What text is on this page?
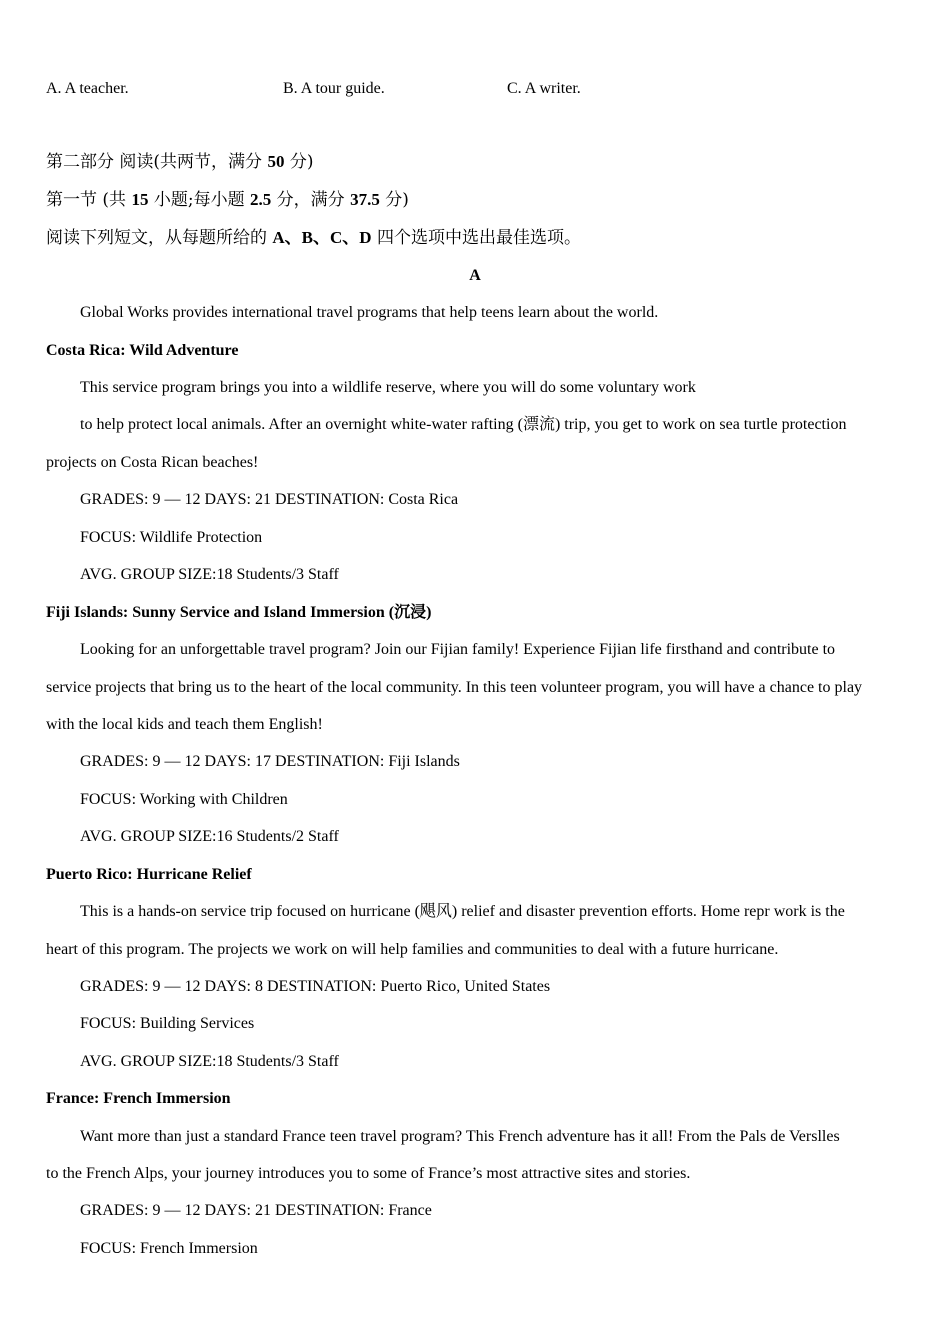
A. A teacher.	B. A tour guide.	C. A writer.
第二部分 阅读(共两节，满分 50 分)
第一节 (共 15 小题;每小题 2.5 分，满分 37.5 分)
阅读下列短文，从每题所给的 A、B、C、D 四个选项中选出最佳选项。
A
Global Works provides international travel programs that help teens learn about the world.
Costa Rica: Wild Adventure
This service program brings you into a wildlife reserve, where you will do some voluntary work
to help protect local animals. After an overnight white-water rafting (漂流) trip, you get to work on sea turtle protection
projects on Costa Rican beaches!
GRADES: 9 — 12 DAYS: 21 DESTINATION: Costa Rica
FOCUS: Wildlife Protection
AVG. GROUP SIZE:18 Students/3 Staff
Fiji Islands: Sunny Service and Island Immersion (沉浸)
Looking for an unforgettable travel program? Join our Fijian family! Experience Fijian life firsthand and contribute to
service projects that bring us to the heart of the local community. In this teen volunteer program, you will have a chance to play
with the local kids and teach them English!
GRADES: 9 — 12 DAYS: 17 DESTINATION: Fiji Islands
FOCUS: Working with Children
AVG. GROUP SIZE:16 Students/2 Staff
Puerto Rico: Hurricane Relief
This is a hands-on service trip focused on hurricane (飓风) relief and disaster prevention efforts. Home repr work is the
heart of this program. The projects we work on will help families and communities to deal with a future hurricane.
GRADES: 9 — 12 DAYS: 8 DESTINATION: Puerto Rico, United States
FOCUS: Building Services
AVG. GROUP SIZE:18 Students/3 Staff
France: French Immersion
Want more than just a standard France teen travel program? This French adventure has it all! From the Pals de Verslles
to the French Alps, your journey introduces you to some of France’s most attractive sites and stories.
GRADES: 9 — 12 DAYS: 21 DESTINATION: France
FOCUS: French Immersion
